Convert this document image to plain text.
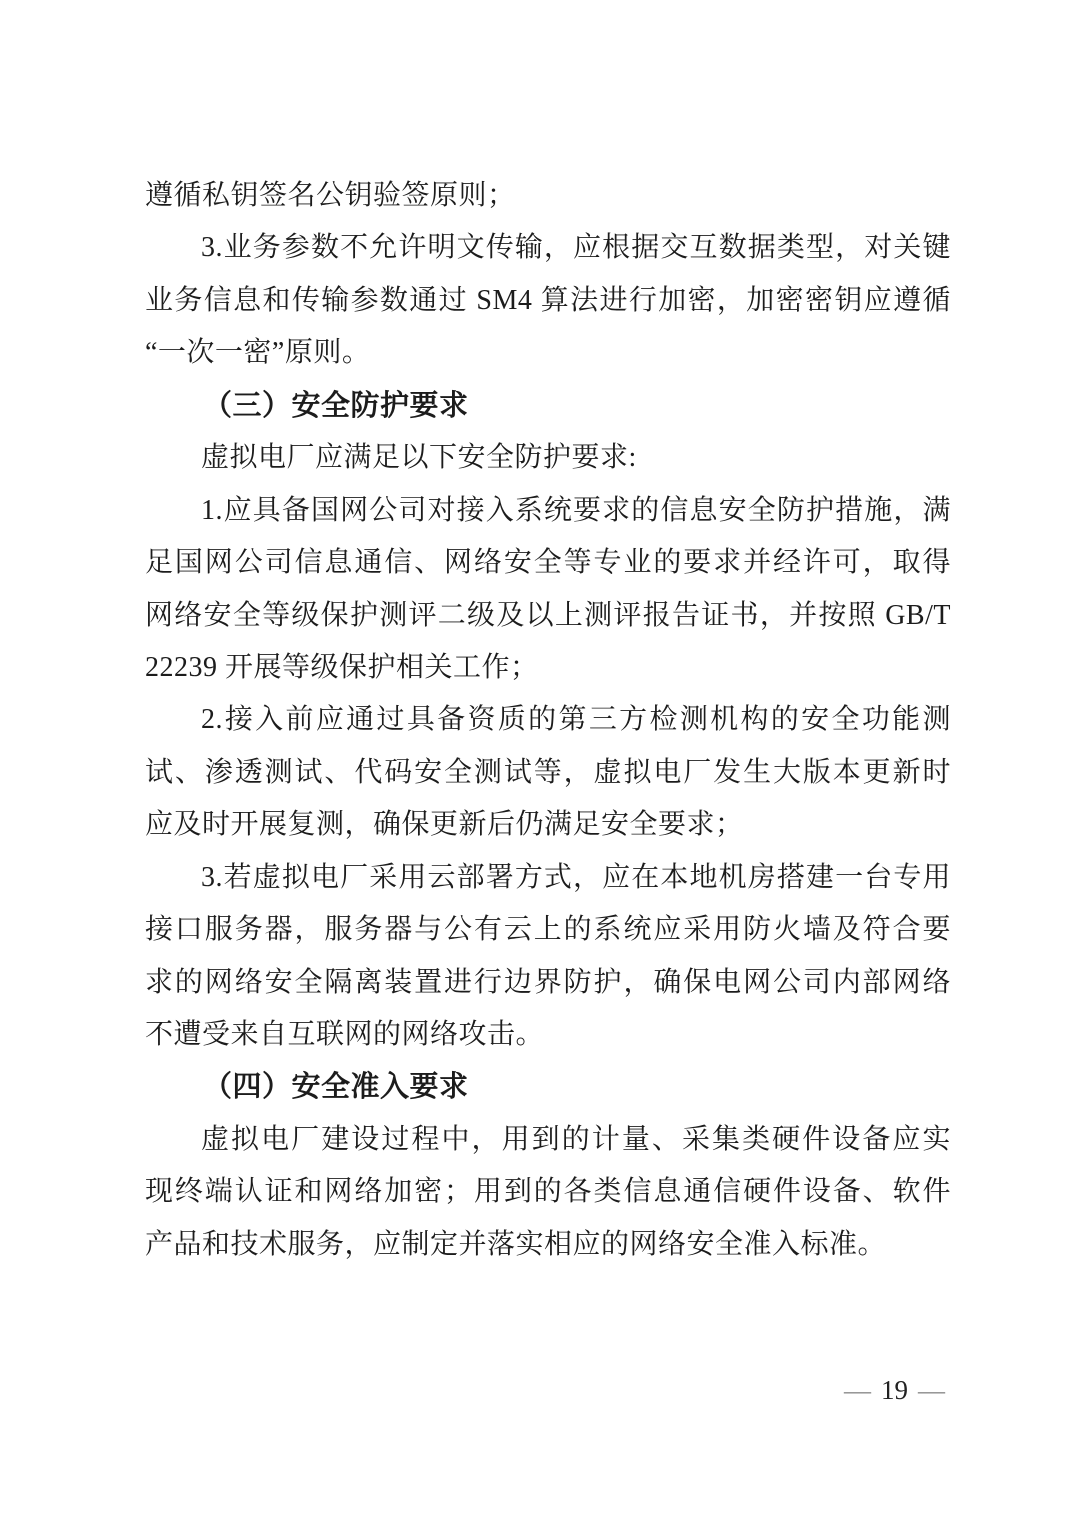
遵循私钥签名公钥验签原则；
3.业务参数不允许明文传输，应根据交互数据类型，对关键
业务信息和传输参数通过 SM4 算法进行加密，加密密钥应遵循
“一次一密”原则。
（三）安全防护要求
虚拟电厂应满足以下安全防护要求:
1.应具备国网公司对接入系统要求的信息安全防护措施，满
足国网公司信息通信、网络安全等专业的要求并经许可，取得
网络安全等级保护测评二级及以上测评报告证书，并按照 GB/T
22239 开展等级保护相关工作；
2.接入前应通过具备资质的第三方检测机构的安全功能测
试、渗透测试、代码安全测试等，虚拟电厂发生大版本更新时
应及时开展复测，确保更新后仍满足安全要求；
3.若虚拟电厂采用云部署方式，应在本地机房搭建一台专用
接口服务器，服务器与公有云上的系统应采用防火墙及符合要
求的网络安全隔离装置进行边界防护，确保电网公司内部网络
不遭受来自互联网的网络攻击。
（四）安全准入要求
虚拟电厂建设过程中，用到的计量、采集类硬件设备应实
现终端认证和网络加密；用到的各类信息通信硬件设备、软件
产品和技术服务，应制定并落实相应的网络安全准入标准。
— 19 —
